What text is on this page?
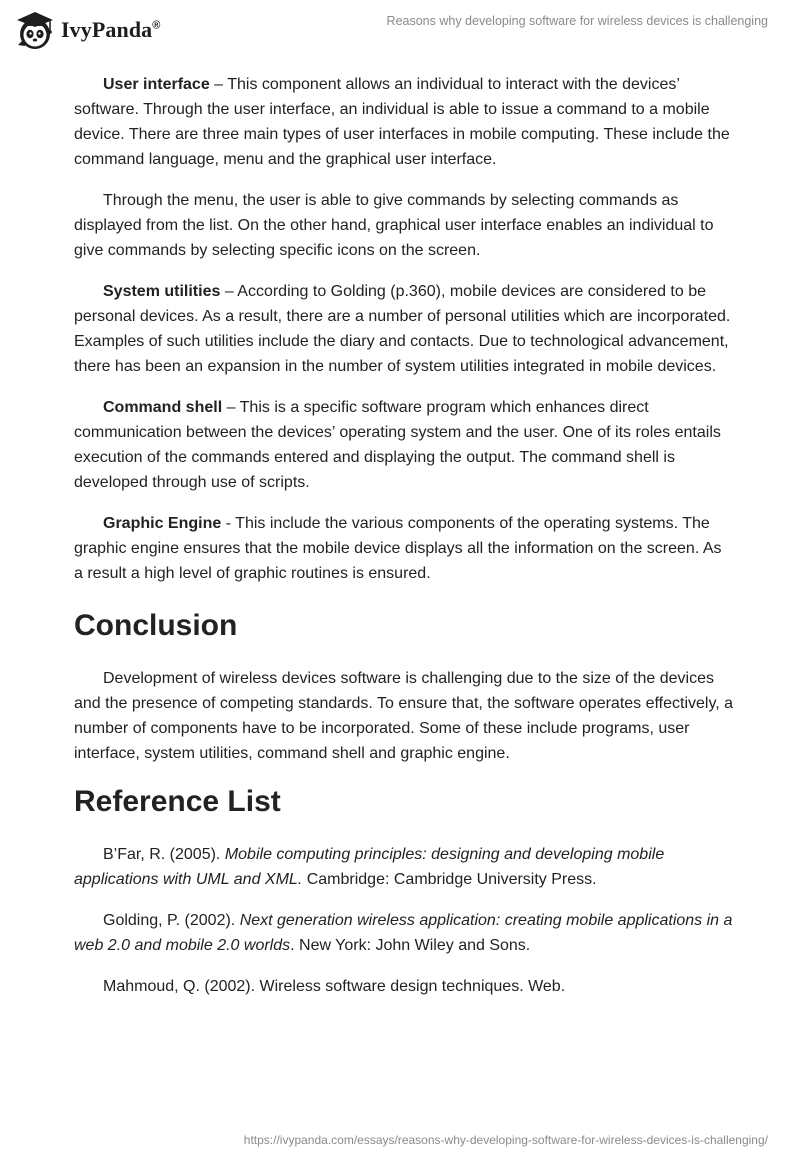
IvyPanda®	Reasons why developing software for wireless devices is challenging

User interface – This component allows an individual to interact with the devices’ software. Through the user interface, an individual is able to issue a command to a mobile device. There are three main types of user interfaces in mobile computing. These include the command language, menu and the graphical user interface.

Through the menu, the user is able to give commands by selecting commands as displayed from the list. On the other hand, graphical user interface enables an individual to give commands by selecting specific icons on the screen.

System utilities – According to Golding (p.360), mobile devices are considered to be personal devices. As a result, there are a number of personal utilities which are incorporated. Examples of such utilities include the diary and contacts. Due to technological advancement, there has been an expansion in the number of system utilities integrated in mobile devices.

Command shell – This is a specific software program which enhances direct communication between the devices’ operating system and the user. One of its roles entails execution of the commands entered and displaying the output. The command shell is developed through use of scripts.

Graphic Engine - This include the various components of the operating systems. The graphic engine ensures that the mobile device displays all the information on the screen. As a result a high level of graphic routines is ensured.

Conclusion

Development of wireless devices software is challenging due to the size of the devices and the presence of competing standards. To ensure that, the software operates effectively, a number of components have to be incorporated. Some of these include programs, user interface, system utilities, command shell and graphic engine.

Reference List

B’Far, R. (2005). Mobile computing principles: designing and developing mobile applications with UML and XML. Cambridge: Cambridge University Press.

Golding, P. (2002). Next generation wireless application: creating mobile applications in a web 2.0 and mobile 2.0 worlds. New York: John Wiley and Sons.

Mahmoud, Q. (2002). Wireless software design techniques. Web.

https://ivypanda.com/essays/reasons-why-developing-software-for-wireless-devices-is-challenging/
